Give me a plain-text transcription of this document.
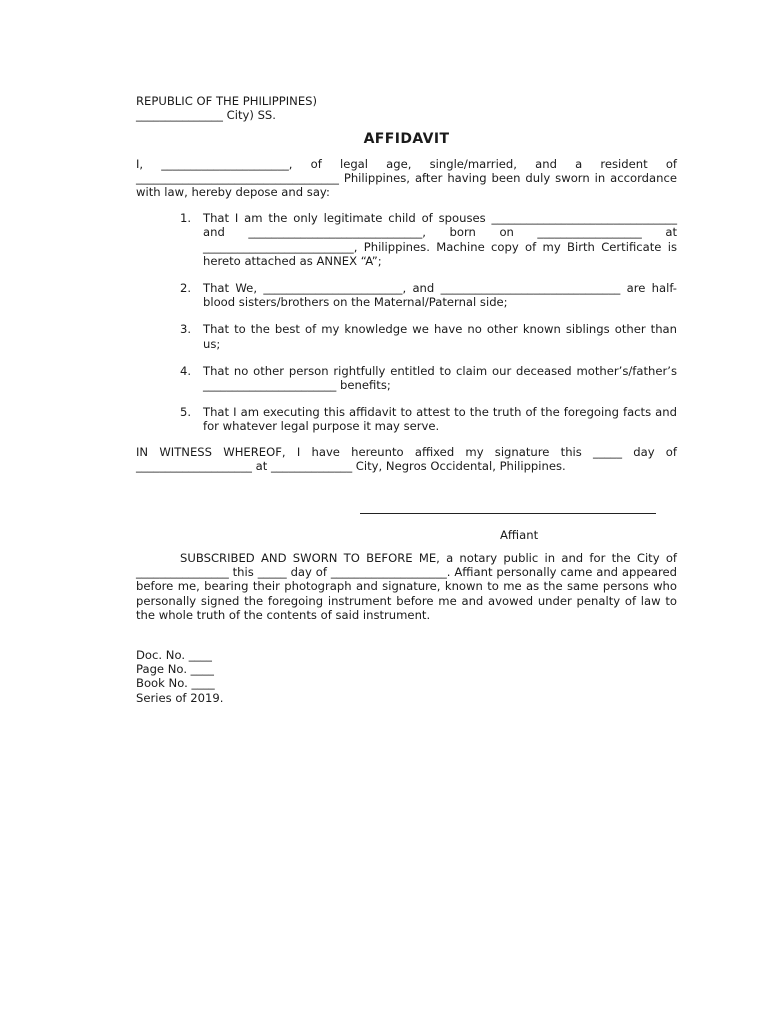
REPUBLIC OF THE PHILIPPINES)

_______________ City) SS.

AFFIDAVIT

I, ______________________, of legal age, single/married, and a resident of ___________________________________ Philippines, after having been duly sworn in accordance with law, hereby depose and say:

1. That I am the only legitimate child of spouses ________________________________ and ______________________________, born on __________________ at __________________________, Philippines. Machine copy of my Birth Certificate is hereto attached as ANNEX “A”;
2. That We, ________________________, and _______________________________ are half-blood sisters/brothers on the Maternal/Paternal side;
3. That to the best of my knowledge we have no other known siblings other than us;
4. That no other person rightfully entitled to claim our deceased mother’s/father’s _______________________ benefits;
5. That I am executing this affidavit to attest to the truth of the foregoing facts and for whatever legal purpose it may serve.

IN WITNESS WHEREOF, I have hereunto affixed my signature this _____ day of ____________________ at ______________ City, Negros Occidental, Philippines.

Affiant

SUBSCRIBED AND SWORN TO BEFORE ME, a notary public in and for the City of ________________ this _____ day of ____________________. Affiant personally came and appeared before me, bearing their photograph and signature, known to me as the same persons who personally signed the foregoing instrument before me and avowed under penalty of law to the whole truth of the contents of said instrument.

Doc. No. ____

Page No. ____

Book No. ____

Series of 2019.
